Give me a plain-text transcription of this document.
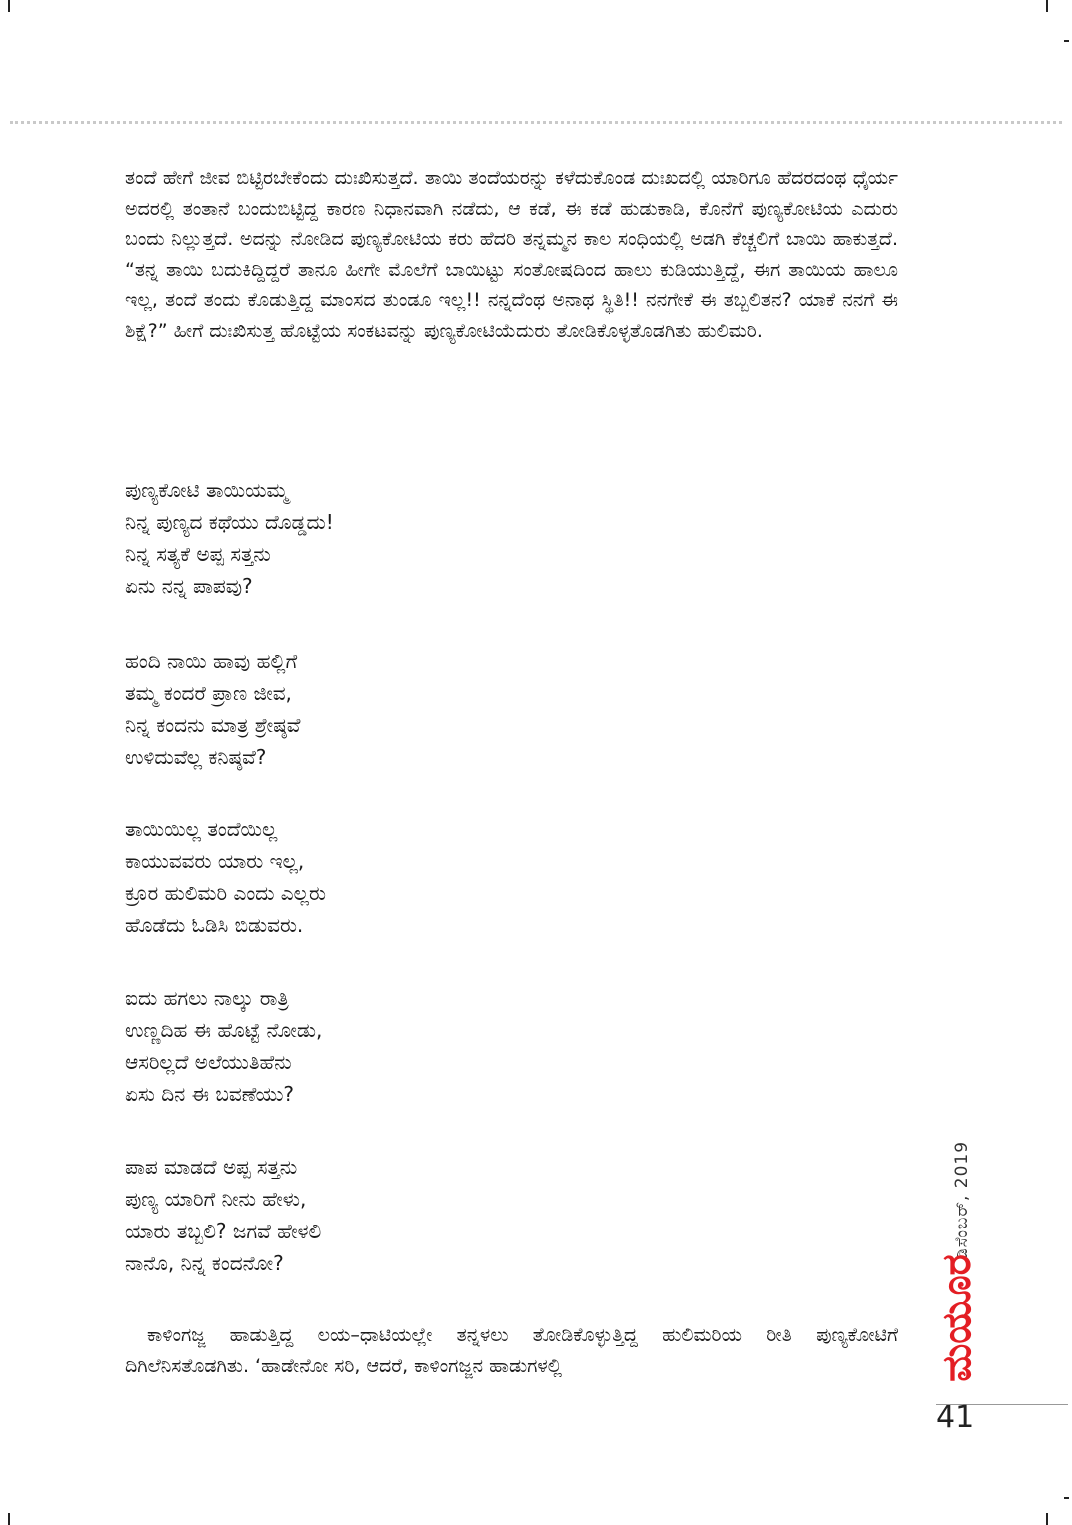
ತಂದೆ ಹೇಗೆ ಜೀವ ಬಿಟ್ಟಿರಬೇಕೆಂದು ದುಃಖಿಸುತ್ತದೆ. ತಾಯಿ ತಂದೆಯರನ್ನು ಕಳೆದುಕೊಂಡ ದುಃಖದಲ್ಲಿ ಯಾರಿಗೂ ಹೆದರದಂಥ ಧೈರ್ಯ ಅದರಲ್ಲಿ ತಂತಾನೆ ಬಂದುಬಿಟ್ಟಿದ್ದ ಕಾರಣ ನಿಧಾನವಾಗಿ ನಡೆದು, ಆ ಕಡೆ, ಈ ಕಡೆ ಹುಡುಕಾಡಿ, ಕೊನೆಗೆ ಪುಣ್ಯಕೋಟಿಯ ಎದುರು ಬಂದು ನಿಲ್ಲುತ್ತದೆ. ಅದನ್ನು ನೋಡಿದ ಪುಣ್ಯಕೋಟಿಯ ಕರು ಹೆದರಿ ತನ್ನಮ್ಮನ ಕಾಲ ಸಂಧಿಯಲ್ಲಿ ಅಡಗಿ ಕೆಚ್ಚಲಿಗೆ ಬಾಯಿ ಹಾಕುತ್ತದೆ. “ತನ್ನ ತಾಯಿ ಬದುಕಿದ್ದಿದ್ದರೆ ತಾನೂ ಹೀಗೇ ಮೊಲೆಗೆ ಬಾಯಿಟ್ಟು ಸಂತೋಷದಿಂದ ಹಾಲು ಕುಡಿಯುತ್ತಿದ್ದೆ, ಈಗ ತಾಯಿಯ ಹಾಲೂ ಇಲ್ಲ, ತಂದೆ ತಂದು ಕೊಡುತ್ತಿದ್ದ ಮಾಂಸದ ತುಂಡೂ ಇಲ್ಲ!! ನನ್ನದೆಂಥ ಅನಾಥ ಸ್ಥಿತಿ!! ನನಗೇಕೆ ಈ ತಬ್ಬಲಿತನ? ಯಾಕೆ ನನಗೆ ಈ ಶಿಕ್ಷೆ?” ಹೀಗೆ ದುಃಖಿಸುತ್ತ ಹೊಟ್ಟೆಯ ಸಂಕಟವನ್ನು ಪುಣ್ಯಕೋಟಿಯೆದುರು ತೋಡಿಕೊಳ್ಳತೊಡಗಿತು ಹುಲಿಮರಿ.

ಪುಣ್ಯಕೋಟಿ ತಾಯಿಯಮ್ಮ
ನಿನ್ನ ಪುಣ್ಯದ ಕಥೆಯು ದೊಡ್ಡದು!
ನಿನ್ನ ಸತ್ಯಕೆ ಅಪ್ಪ ಸತ್ತನು
ಏನು ನನ್ನ ಪಾಪವು?
ಹಂದಿ ನಾಯಿ ಹಾವು ಹಲ್ಲಿಗೆ
ತಮ್ಮ ಕಂದರೆ ಪ್ರಾಣ ಜೀವ,
ನಿನ್ನ ಕಂದನು ಮಾತ್ರ ಶ್ರೇಷ್ಠವೆ
ಉಳಿದುವೆಲ್ಲ ಕನಿಷ್ಠವೆ?
ತಾಯಿಯಿಲ್ಲ ತಂದೆಯಿಲ್ಲ
ಕಾಯುವವರು ಯಾರು ಇಲ್ಲ,
ಕ್ರೂರ ಹುಲಿಮರಿ ಎಂದು ಎಲ್ಲರು
ಹೊಡೆದು ಓಡಿಸಿ ಬಿಡುವರು.
ಐದು ಹಗಲು ನಾಲ್ಕು ರಾತ್ರಿ
ಉಣ್ಣದಿಹ ಈ ಹೊಟ್ಟೆ ನೋಡು,
ಆಸರಿಲ್ಲದೆ ಅಲೆಯುತಿಹೆನು
ಏಸು ದಿನ ಈ ಬವಣೆಯು?
ಪಾಪ ಮಾಡದೆ ಅಪ್ಪ ಸತ್ತನು
ಪುಣ್ಯ ಯಾರಿಗೆ ನೀನು ಹೇಳು,
ಯಾರು ತಬ್ಬಲಿ? ಜಗವೆ ಹೇಳಲಿ
ನಾನೊ, ನಿನ್ನ ಕಂದನೋ?

ಕಾಳಿಂಗಜ್ಜ ಹಾಡುತ್ತಿದ್ದ ಲಯ–ಧಾಟಿಯಲ್ಲೇ ತನ್ನಳಲು ತೋಡಿಕೊಳ್ಳುತ್ತಿದ್ದ ಹುಲಿಮರಿಯ ರೀತಿ ಪುಣ್ಯಕೋಟಿಗೆ ದಿಗಿಲೆನಿಸತೊಡಗಿತು. ‘ಹಾಡೇನೋ ಸರಿ, ಆದರೆ, ಕಾಳಿಂಗಜ್ಜನ ಹಾಡುಗಳಲ್ಲಿ

ಡಿಸೆಂಬರ್, 2019
ಮಯೂರ
41
